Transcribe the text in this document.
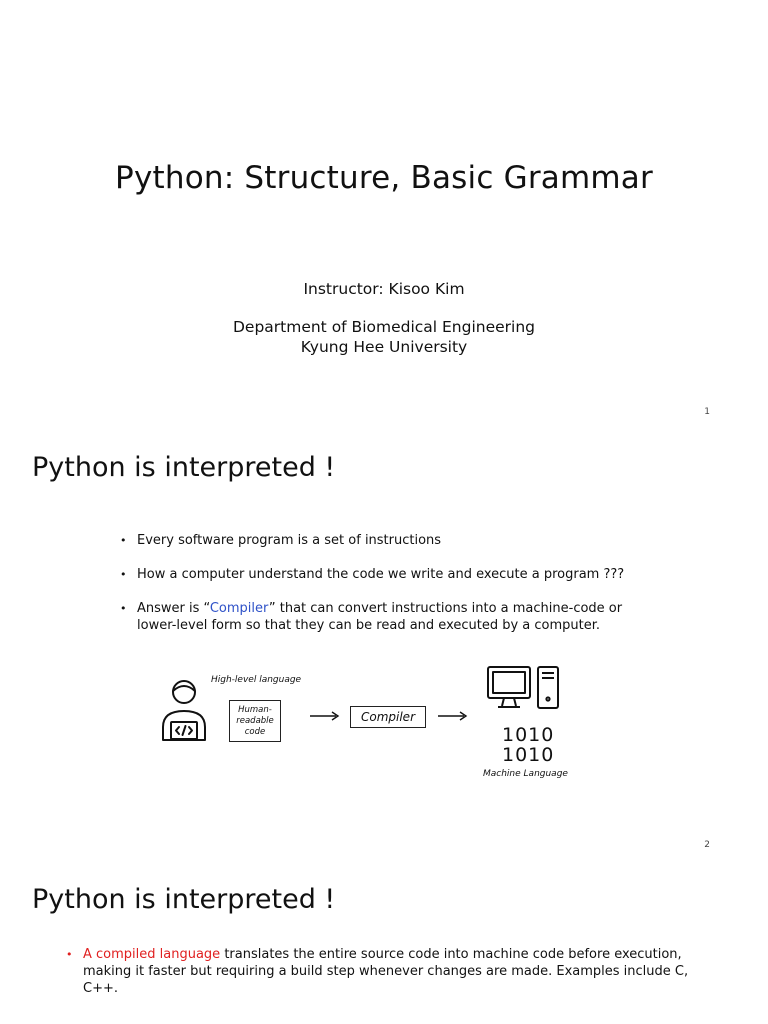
Python: Structure, Basic Grammar

Instructor: Kisoo Kim

Department of Biomedical Engineering

Kyung Hee University

1
Python is interpreted !
• Every software program is a set of instructions
• How a computer understand the code we write and execute a program ???
• Answer is “Compiler” that can convert instructions into a machine-code or lower-level form so that they can be read and executed by a computer.
High-level language
Human-readable code
Compiler
1010
1010
Machine Language
2
Python is interpreted !
• A compiled language translates the entire source code into machine code before execution, making it faster but requiring a build step whenever changes are made. Examples include C, C++.
